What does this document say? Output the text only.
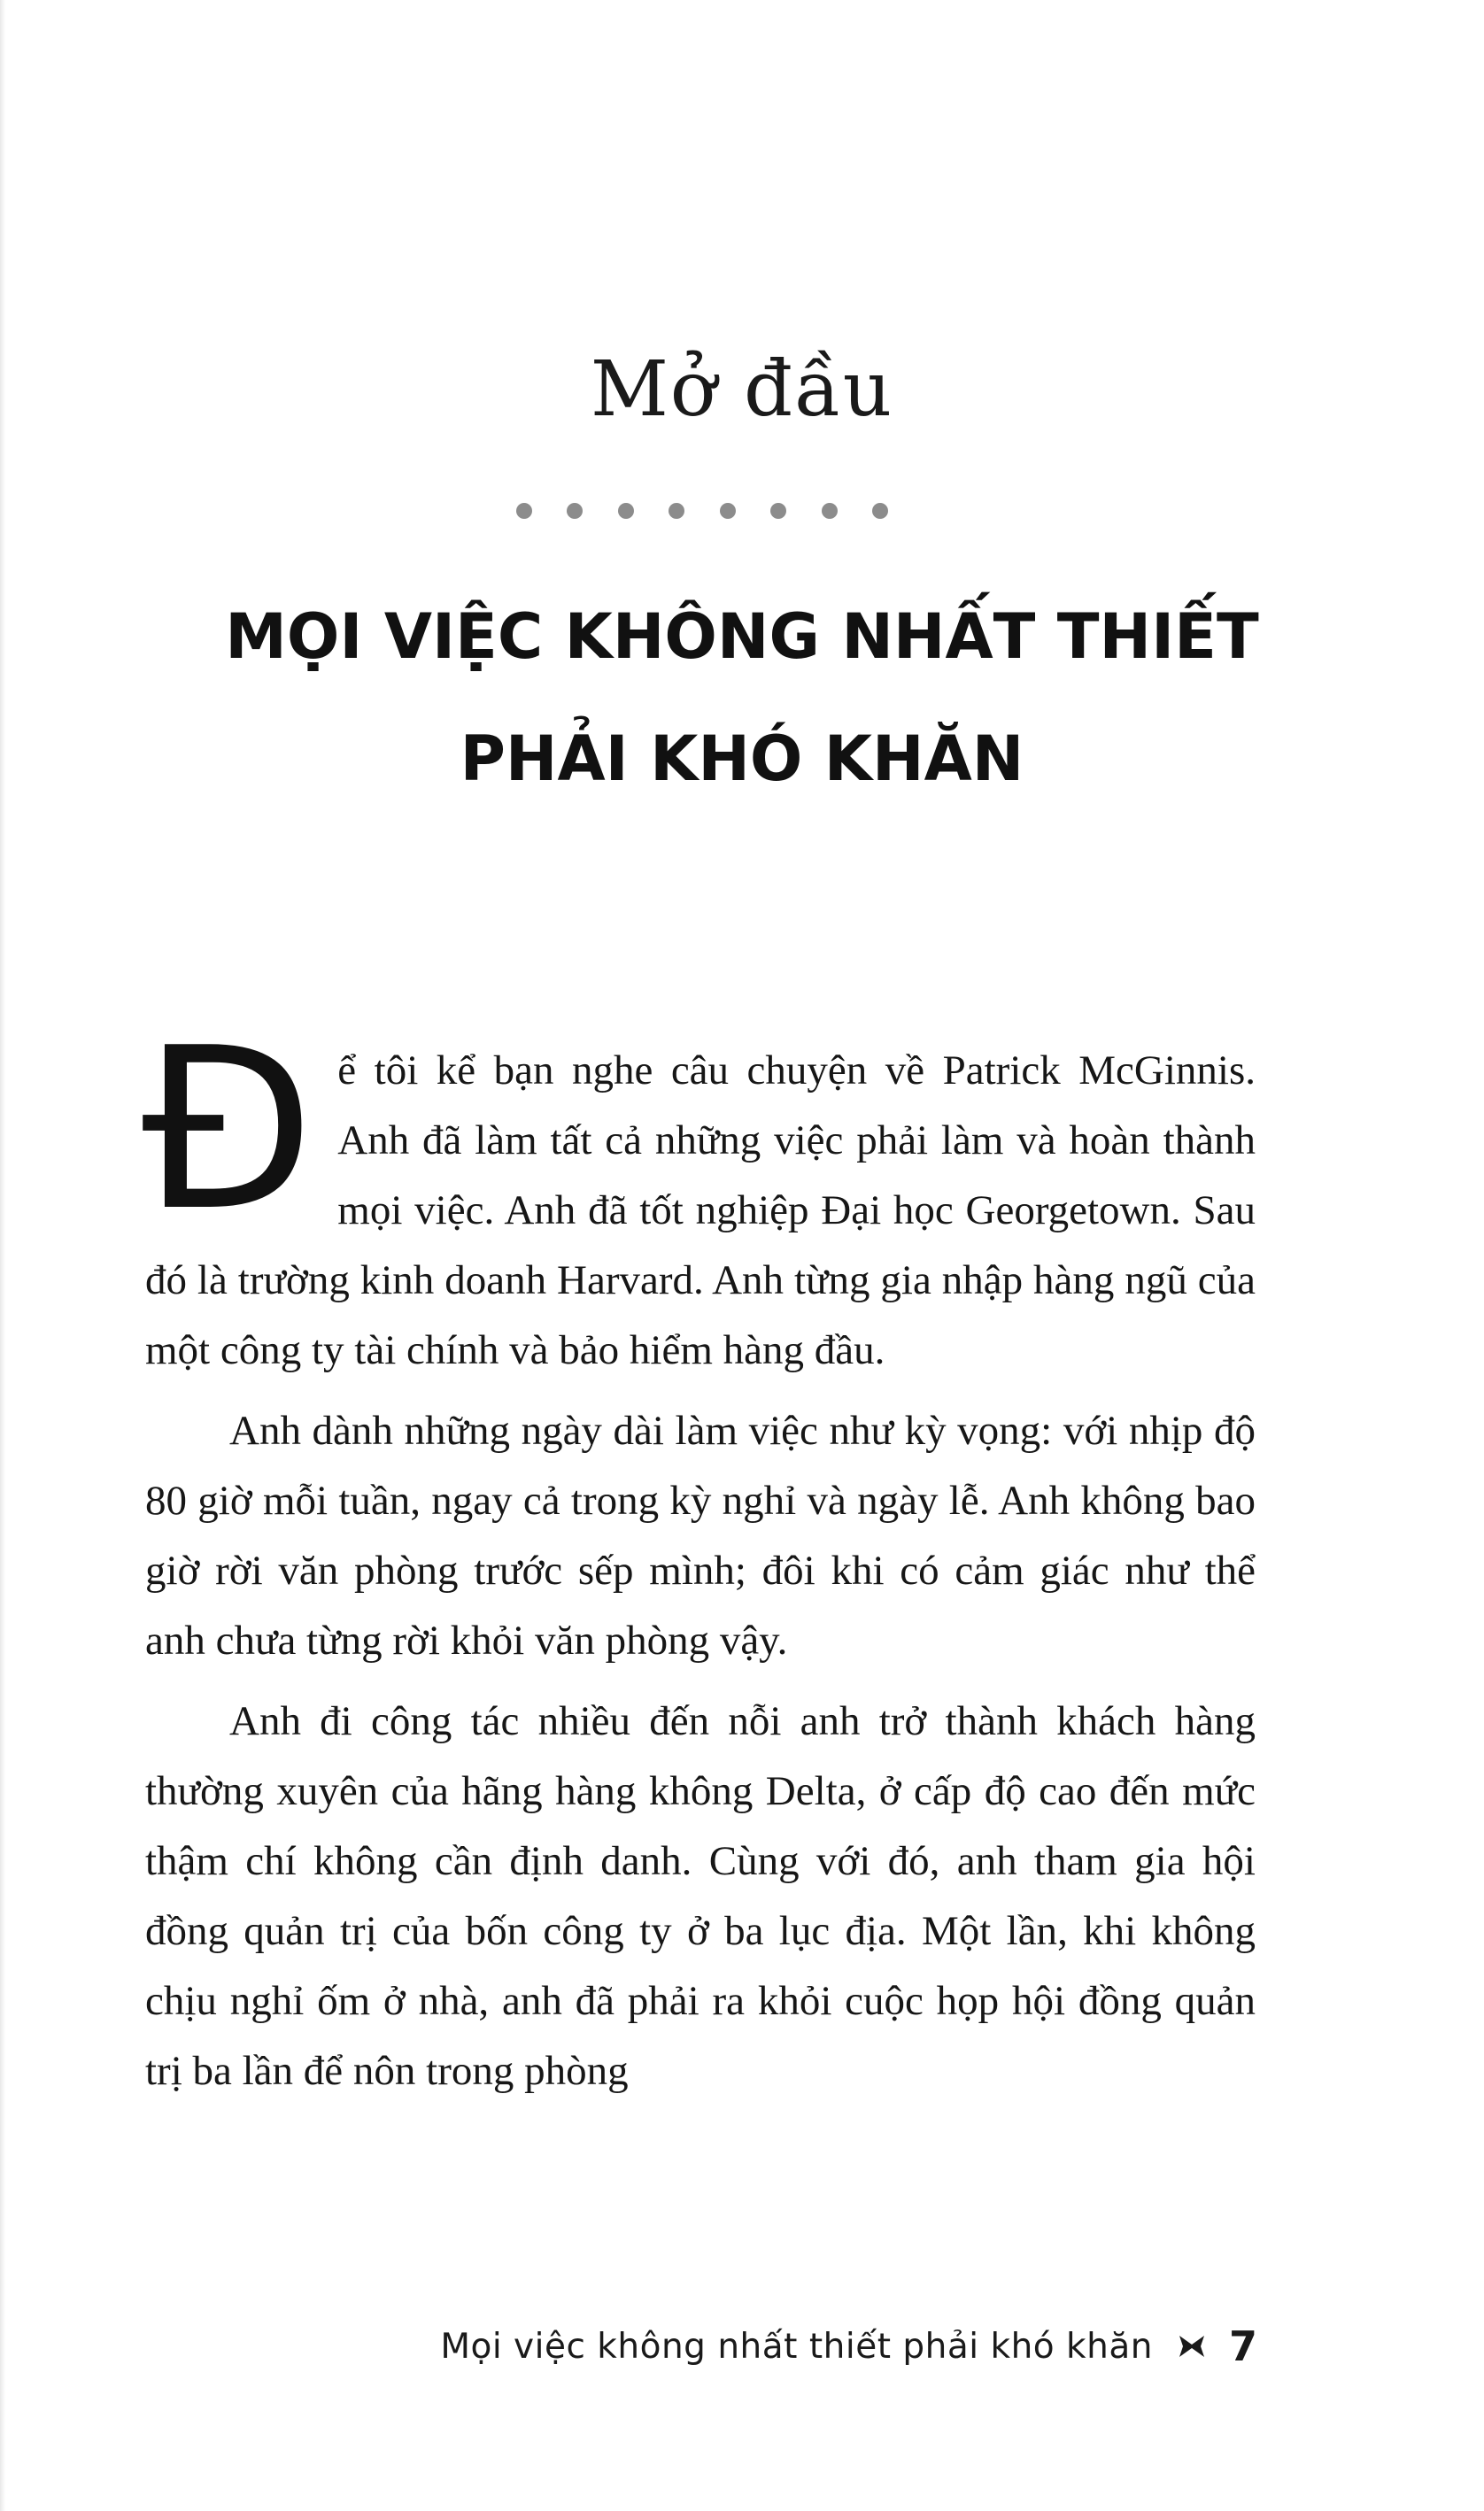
Mở đầu
MỌI VIỆC KHÔNG NHẤT THIẾT
PHẢI KHÓ KHĂN

Để tôi kể bạn nghe câu chuyện về Patrick McGinnis. Anh đã làm tất cả những việc phải làm và hoàn thành mọi việc. Anh đã tốt nghiệp Đại học Georgetown. Sau đó là trường kinh doanh Harvard. Anh từng gia nhập hàng ngũ của một công ty tài chính và bảo hiểm hàng đầu.

Anh dành những ngày dài làm việc như kỳ vọng: với nhịp độ 80 giờ mỗi tuần, ngay cả trong kỳ nghỉ và ngày lễ. Anh không bao giờ rời văn phòng trước sếp mình; đôi khi có cảm giác như thể anh chưa từng rời khỏi văn phòng vậy.

Anh đi công tác nhiều đến nỗi anh trở thành khách hàng thường xuyên của hãng hàng không Delta, ở cấp độ cao đến mức thậm chí không cần định danh. Cùng với đó, anh tham gia hội đồng quản trị của bốn công ty ở ba lục địa. Một lần, khi không chịu nghỉ ốm ở nhà, anh đã phải ra khỏi cuộc họp hội đồng quản trị ba lần để nôn trong phòng

Mọi việc không nhất thiết phải khó khăn 7
